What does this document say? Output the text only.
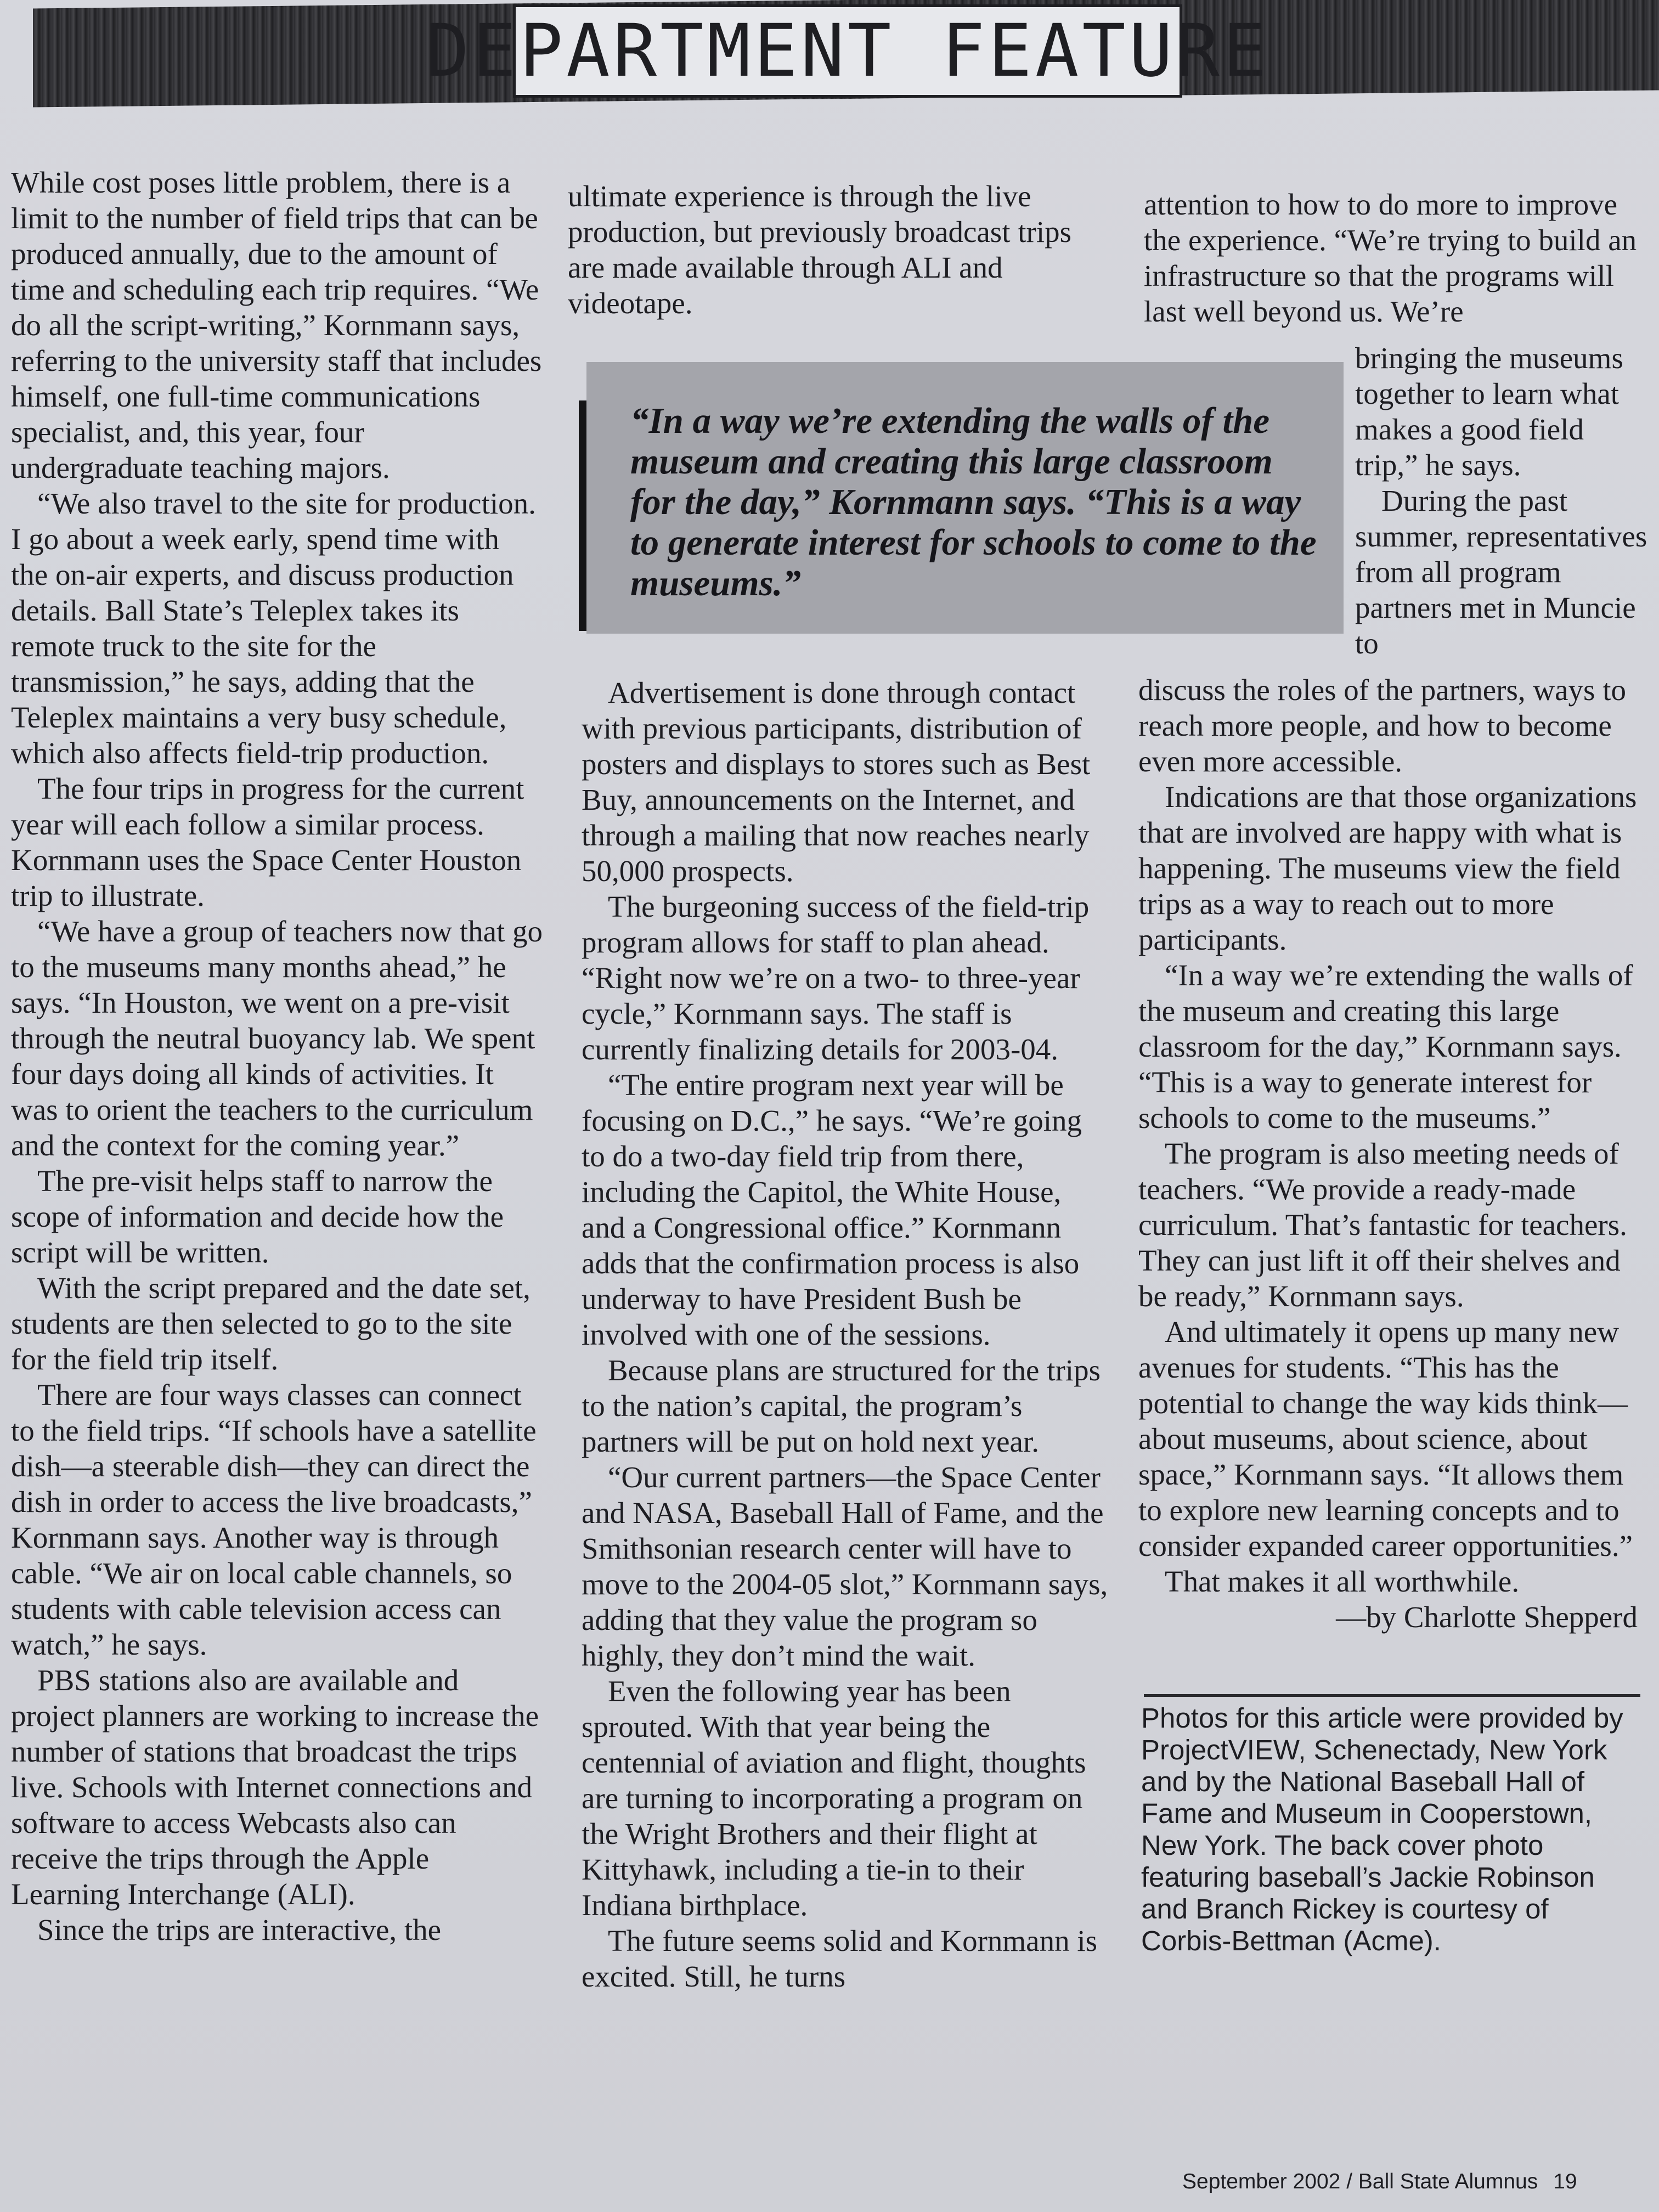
DEPARTMENT FEATURE

While cost poses little problem, there is a limit to the number of field trips that can be produced annually, due to the amount of time and scheduling each trip requires. “We do all the script-writing,” Kornmann says, referring to the university staff that includes himself, one full-time communications specialist, and, this year, four undergraduate teaching majors.

“We also travel to the site for production. I go about a week early, spend time with the on-air experts, and discuss production details. Ball State’s Teleplex takes its remote truck to the site for the transmission,” he says, adding that the Teleplex maintains a very busy schedule, which also affects field-trip production.

The four trips in progress for the current year will each follow a similar process. Kornmann uses the Space Center Houston trip to illustrate.

“We have a group of teachers now that go to the museums many months ahead,” he says. “In Houston, we went on a pre-visit through the neutral buoyancy lab. We spent four days doing all kinds of activities. It was to orient the teachers to the curriculum and the context for the coming year.”

The pre-visit helps staff to narrow the scope of information and decide how the script will be written.

With the script prepared and the date set, students are then selected to go to the site for the field trip itself.

There are four ways classes can connect to the field trips. “If schools have a satellite dish—a steerable dish—they can direct the dish in order to access the live broadcasts,” Kornmann says. Another way is through cable. “We air on local cable channels, so students with cable television access can watch,” he says.

PBS stations also are available and project planners are working to increase the number of stations that broadcast the trips live. Schools with Internet connections and software to access Webcasts also can receive the trips through the Apple Learning Interchange (ALI).

Since the trips are interactive, the

ultimate experience is through the live production, but previously broadcast trips are made available through ALI and videotape.

“In a way we’re extending the walls of the museum and creating this large classroom for the day,” Kornmann says. “This is a way to generate interest for schools to come to the museums.”

Advertisement is done through contact with previous participants, distribution of posters and displays to stores such as Best Buy, announcements on the Internet, and through a mailing that now reaches nearly 50,000 prospects.

The burgeoning success of the field-trip program allows for staff to plan ahead. “Right now we’re on a two- to three-year cycle,” Kornmann says. The staff is currently finalizing details for 2003-04.

“The entire program next year will be focusing on D.C.,” he says. “We’re going to do a two-day field trip from there, including the Capitol, the White House, and a Congressional office.” Kornmann adds that the confirmation process is also underway to have President Bush be involved with one of the sessions.

Because plans are structured for the trips to the nation’s capital, the program’s partners will be put on hold next year.

“Our current partners—the Space Center and NASA, Baseball Hall of Fame, and the Smithsonian research center will have to move to the 2004-05 slot,” Kornmann says, adding that they value the program so highly, they don’t mind the wait.

Even the following year has been sprouted. With that year being the centennial of aviation and flight, thoughts are turning to incorporating a program on the Wright Brothers and their flight at Kittyhawk, including a tie-in to their Indiana birthplace.

The future seems solid and Kornmann is excited. Still, he turns

attention to how to do more to improve the experience. “We’re trying to build an infrastructure so that the programs will last well beyond us. We’re

bringing the museums together to learn what makes a good field trip,” he says.

During the past summer, representatives from all program partners met in Muncie to

discuss the roles of the partners, ways to reach more people, and how to become even more accessible.

Indications are that those organizations that are involved are happy with what is happening. The museums view the field trips as a way to reach out to more participants.

“In a way we’re extending the walls of the museum and creating this large classroom for the day,” Kornmann says. “This is a way to generate interest for schools to come to the museums.”

The program is also meeting needs of teachers. “We provide a ready-made curriculum. That’s fantastic for teachers. They can just lift it off their shelves and be ready,” Kornmann says.

And ultimately it opens up many new avenues for students. “This has the potential to change the way kids think—about museums, about science, about space,” Kornmann says. “It allows them to explore new learning concepts and to consider expanded career opportunities.”

That makes it all worthwhile.

—by Charlotte Shepperd

Photos for this article were provided by ProjectVIEW, Schenectady, New York and by the National Baseball Hall of Fame and Museum in Cooperstown, New York. The back cover photo featuring baseball’s Jackie Robinson and Branch Rickey is courtesy of Corbis-Bettman (Acme).
September 2002 / Ball State Alumnus 19
